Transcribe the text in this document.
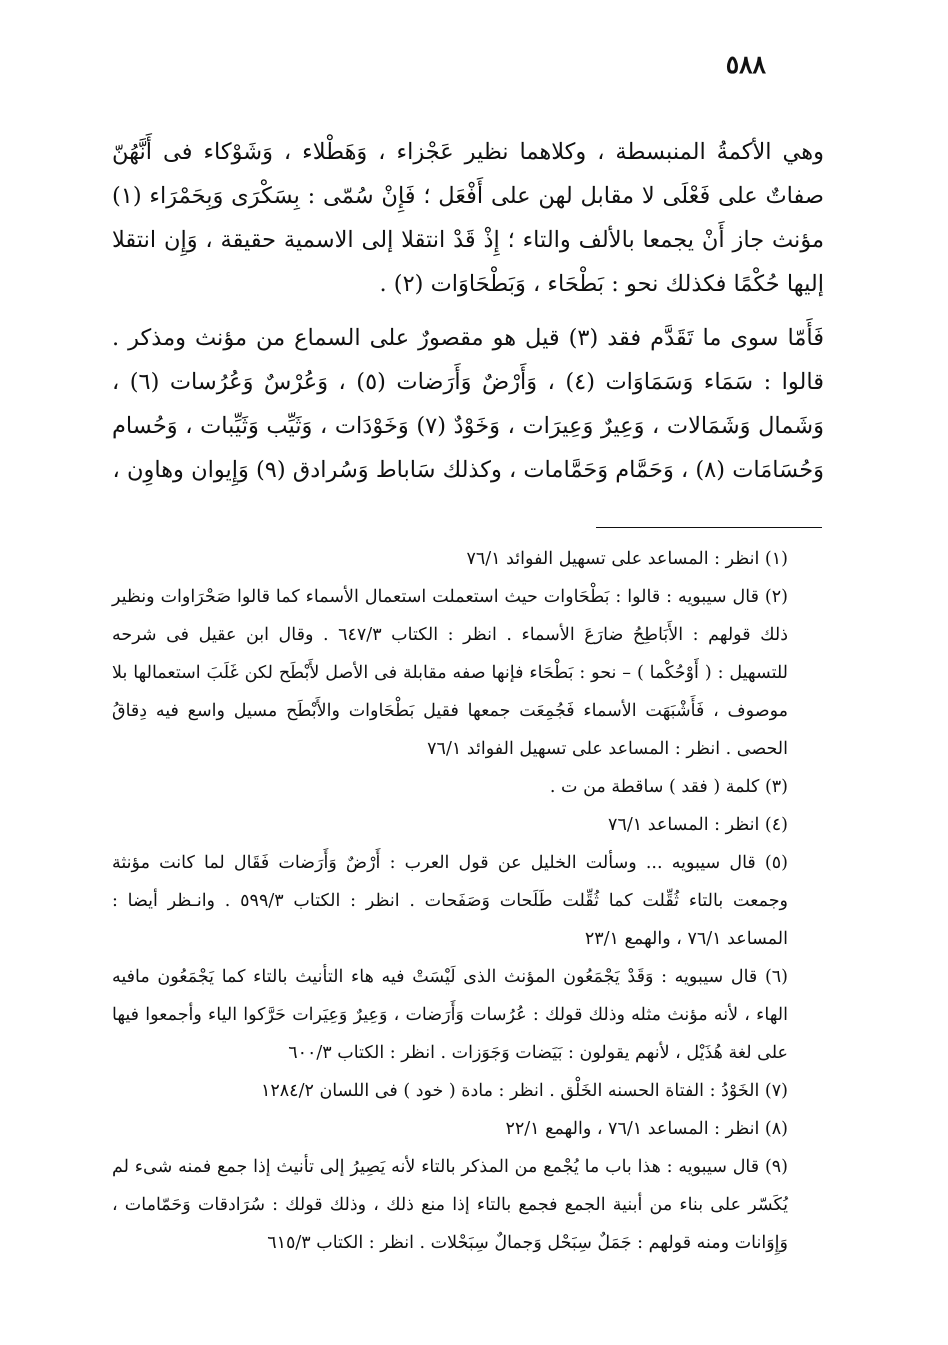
٥٨٨

وهي الأكمةُ المنبسطة ، وكلاهما نظير عَجْزاء ، وَهَطْلاء ، وَشَوْكاء فى أَنَّهُنّ صفاتٌ على فَعْلَى لا مقابل لهن على أَفْعَل ؛ فَإِنْ سُمّى : بِسَكْرَى وَبِحَمْرَاء (١) مؤنث جاز أَنْ يجمعا بالألف والتاء ؛ إِذْ قَدْ انتقلا إلى الاسمية حقيقة ، وَإِن انتقلا إليها حُكْمًا فكذلك نحو : بَطْحَاء ، وَبَطْحَاوَات (٢) .

فَأَمّا سوى ما تَقَدَّم فقد (٣) قيل هو مقصورٌ على السماع من مؤنث ومذكر . قالوا : سَمَاء وَسَمَاوَات (٤) ، وَأَرْضٌ وَأَرَضات (٥) ، وَعُرْسٌ وَعُرُسات (٦) ، وَشَمال وَشَمَالات ، وَعِيرٌ وَعِيرَات ، وَخَوْدٌ (٧) وَخَوْدَات ، وَثَيِّب وَثَيِّبات ، وَحُسام وَحُسَامَات (٨) ، وَحَمَّام وَحَمَّامات ، وكذلك سَاباط وَسُرادق (٩) وَإِيوان وهاوِن ،

(١) انظر : المساعد على تسهيل الفوائد ٧٦/١

(٢) قال سيبويه : قالوا : بَطْحَاوات حيث استعملت استعمال الأسماء كما قالوا صَحْرَاوات ونظير ذلك قولهم : الأَبَاطِحُ ضارَعَ الأسماء . انظر : الكتاب ٦٤٧/٣ . وقال ابن عقيل فى شرحه للتسهيل : ( أَوْحُكْما ) – نحو : بَطْحَاء فإنها صفه مقابلة فى الأصل لأَبْطَح لكن غَلَبَ استعمالها بلا موصوف ، فَأَشْبَهَت الأسماء فَجُمِعَت جمعها فقيل بَطْحَاوات والأَبْطَح مسيل واسع فيه دِقاقُ الحصى . انظر : المساعد على تسهيل الفوائد ٧٦/١

(٣) كلمة ( فقد ) ساقطة من ت .

(٤) انظر : المساعد ٧٦/١

(٥) قال سيبويه ... وسألت الخليل عن قول العرب : أَرْضٌ وَأَرَضات فَقَال لما كانت مؤنثة وجمعت بالتاء ثُقِّلت كما ثُقِّلت طَلَحات وَصَفَحات . انظر : الكتاب ٥٩٩/٣ . وانـظر أيضا : المساعد ٧٦/١ ، والهمع ٢٣/١

(٦) قال سيبويه : وَقَدْ يَجْمَعُون المؤنث الذى لَيْسَتْ فيه هاء التأنيث بالتاء كما يَجْمَعُون مافيه الهاء ، لأنه مؤنث مثله وذلك قولك : عُرُسات وَأَرَضات ، وَعِيرٌ وَعِيَرات حَرَّكوا الياء وأجمعوا فيها على لغة هُذَيْل ، لأنهم يقولون : بَيَضات وَجَوَزات . انظر : الكتاب ٦٠٠/٣

(٧) الخَوْدُ : الفتاة الحسنه الخَلْق . انظر : مادة ( خود ) فى اللسان ١٢٨٤/٢

(٨) انظر : المساعد ٧٦/١ ، والهمع ٢٢/١

(٩) قال سيبويه : هذا باب ما يُجْمع من المذكر بالتاء لأنه يَصِيرُ إلى تأنيث إذا جمع فمنه شىء لم يُكَسّر على بناء من أبنية الجمع فجمع بالتاء إذا منع ذلك ، وذلك قولك : سُرَادقات وَحَمّامات ، وَإِوَانات ومنه قولهم : جَمَلٌ سِبَحْل وَجمالٌ سِبَحْلات . انظر : الكتاب ٦١٥/٣
